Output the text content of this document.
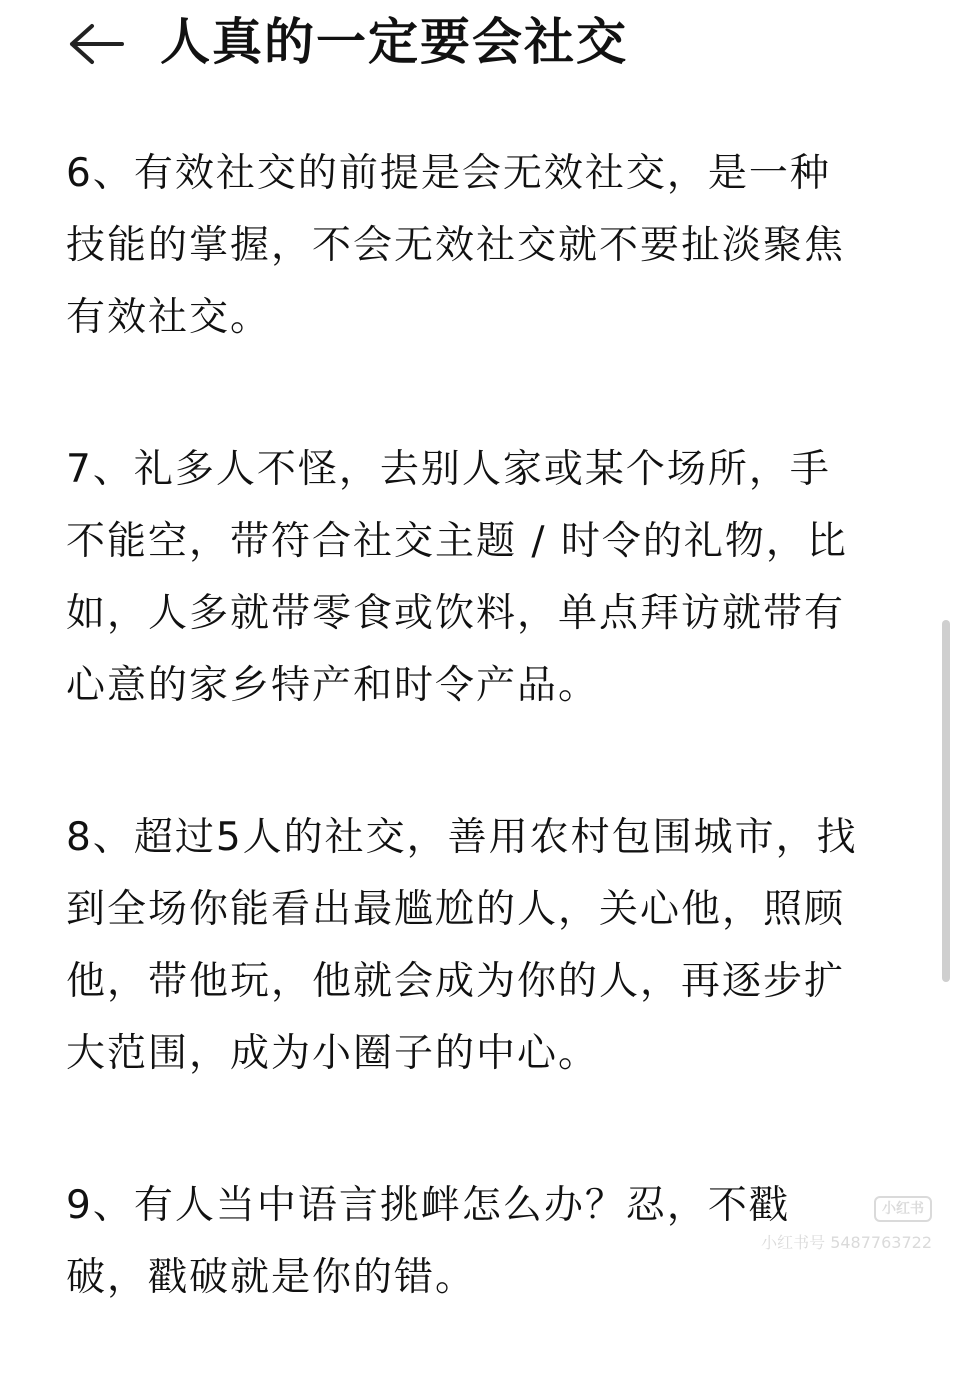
人真的一定要会社交

6、有效社交的前提是会无效社交，是一种
技能的掌握，不会无效社交就不要扯淡聚焦
有效社交。

7、礼多人不怪，去别人家或某个场所，手
不能空，带符合社交主题 / 时令的礼物，比
如，人多就带零食或饮料，单点拜访就带有
心意的家乡特产和时令产品。

8、超过5人的社交，善用农村包围城市，找
到全场你能看出最尴尬的人，关心他，照顾
他，带他玩，他就会成为你的人，再逐步扩
大范围，成为小圈子的中心。

9、有人当中语言挑衅怎么办？忍，不戳
破，戳破就是你的错。

小红书
小红书号 5487763722
